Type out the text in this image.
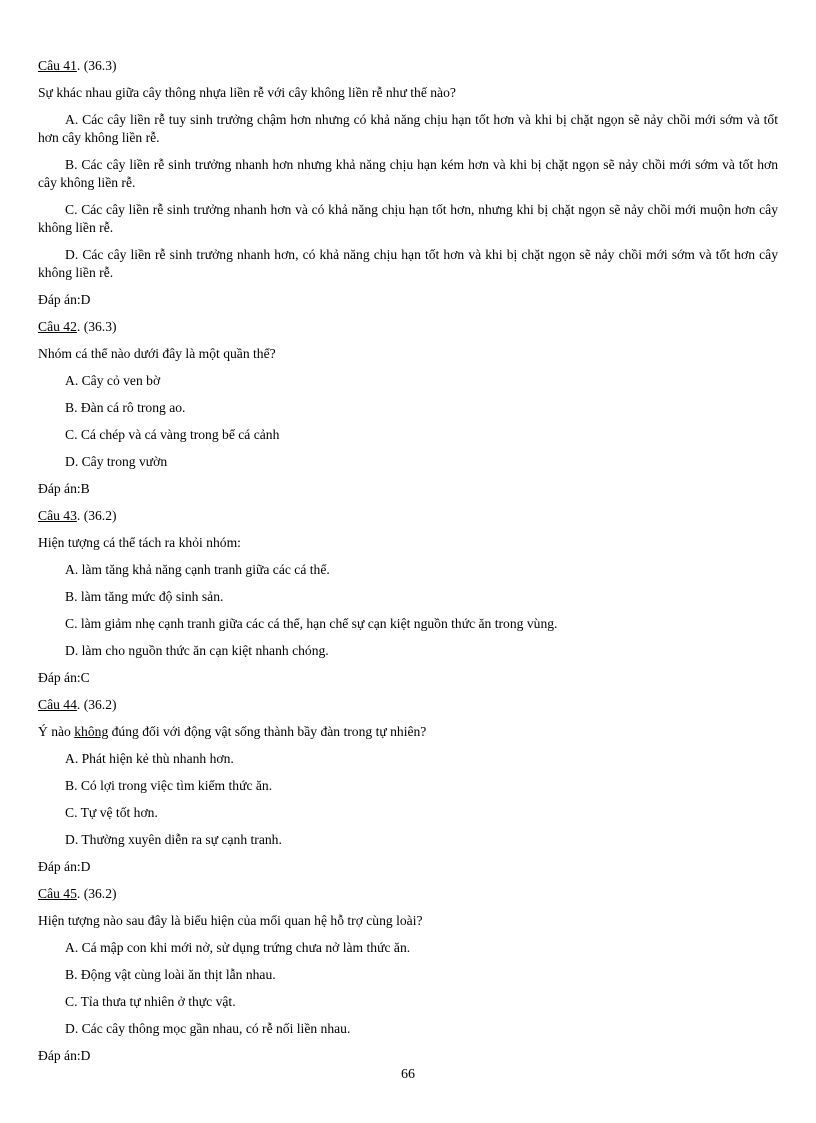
Câu 41. (36.3)

Sự khác nhau giữa cây thông nhựa liền rễ với cây không liền rễ như thế nào?

A. Các cây liền rễ tuy sinh trưởng chậm hơn nhưng có khả năng chịu hạn tốt hơn và khi bị chặt ngọn sẽ nảy chồi mới sớm và tốt hơn cây không liền rễ.

B. Các cây liền rễ sinh trưởng nhanh hơn nhưng khả năng chịu hạn kém hơn và khi bị chặt ngọn sẽ nảy chồi mới sớm và tốt hơn cây không liền rễ.

C. Các cây liền rễ sinh trưởng nhanh hơn và có khả năng chịu hạn tốt hơn, nhưng khi bị chặt ngọn sẽ nảy chồi mới muộn hơn cây không liền rễ.

D. Các cây liền rễ sinh trưởng nhanh hơn, có khả năng chịu hạn tốt hơn và khi bị chặt ngọn sẽ nảy chồi mới sớm và tốt hơn cây không liền rễ.

Đáp án:D

Câu 42. (36.3)

Nhóm cá thể nào dưới đây là một quần thể?

A. Cây cỏ ven bờ

B. Đàn cá rô trong ao.

C. Cá chép và cá vàng trong bể cá cảnh

D. Cây trong vườn

Đáp án:B

Câu 43. (36.2)

Hiện tượng cá thể tách ra khỏi nhóm:

A. làm tăng khả năng cạnh tranh giữa các cá thể.

B. làm tăng mức độ sinh sản.

C. làm giảm nhẹ cạnh tranh giữa các cá thể, hạn chế sự cạn kiệt nguồn thức ăn trong vùng.

D. làm cho nguồn thức ăn cạn kiệt nhanh chóng.

Đáp án:C

Câu 44. (36.2)

Ý nào không đúng đối với động vật sống thành bầy đàn trong tự nhiên?

A. Phát hiện kẻ thù nhanh hơn.

B. Có lợi trong việc tìm kiếm thức ăn.

C. Tự vệ tốt hơn.

D. Thường xuyên diễn ra sự cạnh tranh.

Đáp án:D

Câu 45. (36.2)

Hiện tượng nào sau đây là biểu hiện của mối quan hệ hỗ trợ cùng loài?

A. Cá mập con khi mới nở, sử dụng trứng chưa nở làm thức ăn.

B. Động vật cùng loài ăn thịt lẫn nhau.

C. Tỉa thưa tự nhiên ở thực vật.

D. Các cây thông mọc gần nhau, có rễ nối liền nhau.

Đáp án:D

66
